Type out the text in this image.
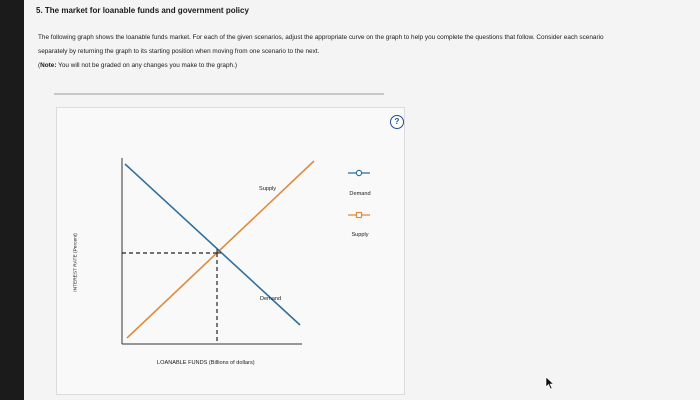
5. The market for loanable funds and government policy

The following graph shows the loanable funds market. For each of the given scenarios, adjust the appropriate curve on the graph to help you complete the questions that follow. Consider each scenario separately by returning the graph to its starting position when moving from one scenario to the next.
(Note: You will not be graded on any changes you make to the graph.)

?
INTEREST RATE (Percent)
LOANABLE FUNDS (Billions of dollars)
Supply
Demand
Demand
Supply
